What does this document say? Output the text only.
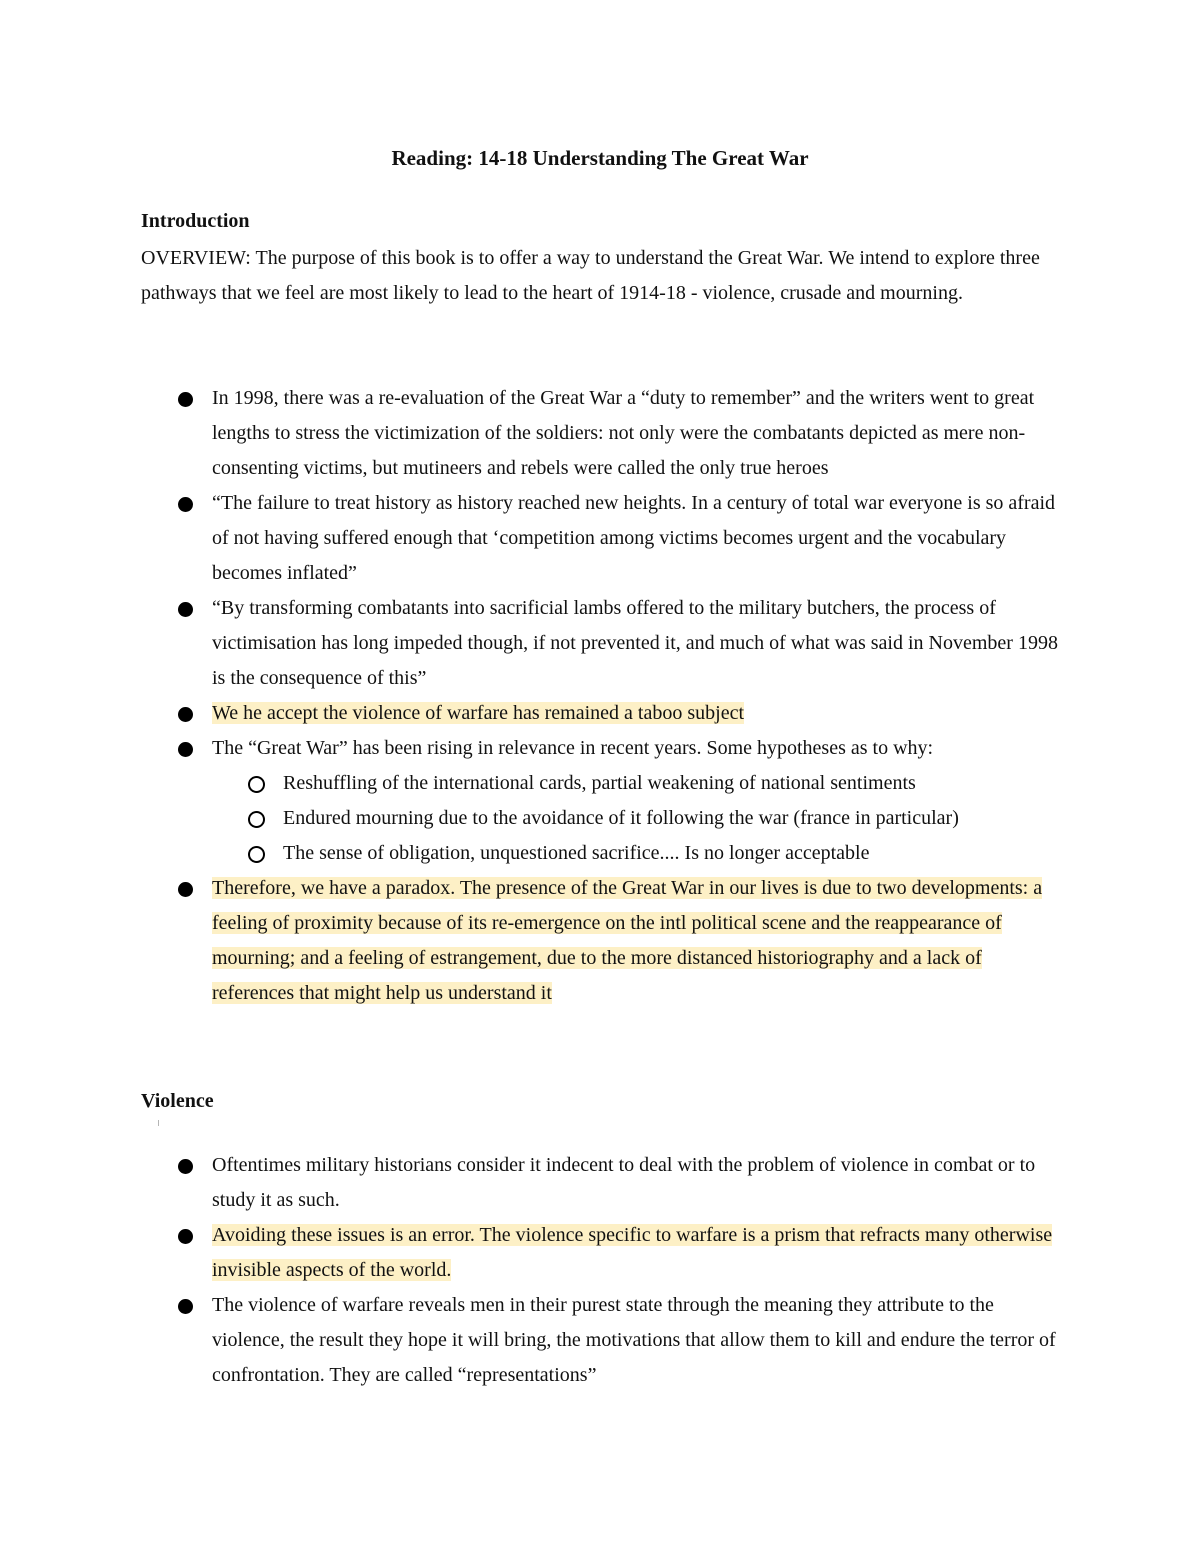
Reading: 14-18 Understanding The Great War
Introduction
OVERVIEW: The purpose of this book is to offer a way to understand the Great War. We intend to explore three pathways that we feel are most likely to lead to the heart of 1914-18 - violence, crusade and mourning.
In 1998, there was a re-evaluation of the Great War a “duty to remember” and the writers went to great lengths to stress the victimization of the soldiers: not only were the combatants depicted as mere non-consenting victims, but mutineers and rebels were called the only true heroes
“The failure to treat history as history reached new heights. In a century of total war everyone is so afraid of not having suffered enough that ‘competition among victims becomes urgent and the vocabulary becomes inflated”
“By transforming combatants into sacrificial lambs offered to the military butchers, the process of victimisation has long impeded though, if not prevented it, and much of what was said in November 1998 is the consequence of this”
We he accept the violence of warfare has remained a taboo subject
The “Great War” has been rising in relevance in recent years. Some hypotheses as to why:
Reshuffling of the international cards, partial weakening of national sentiments
Endured mourning due to the avoidance of it following the war (france in particular)
The sense of obligation, unquestioned sacrifice.... Is no longer acceptable
Therefore, we have a paradox. The presence of the Great War in our lives is due to two developments: a feeling of proximity because of its re-emergence on the intl political scene and the reappearance of mourning; and a feeling of estrangement, due to the more distanced historiography and a lack of references that might help us understand it
Violence
Oftentimes military historians consider it indecent to deal with the problem of violence in combat or to study it as such.
Avoiding these issues is an error. The violence specific to warfare is a prism that refracts many otherwise invisible aspects of the world.
The violence of warfare reveals men in their purest state through the meaning they attribute to the violence, the result they hope it will bring, the motivations that allow them to kill and endure the terror of confrontation. They are called “representations”
